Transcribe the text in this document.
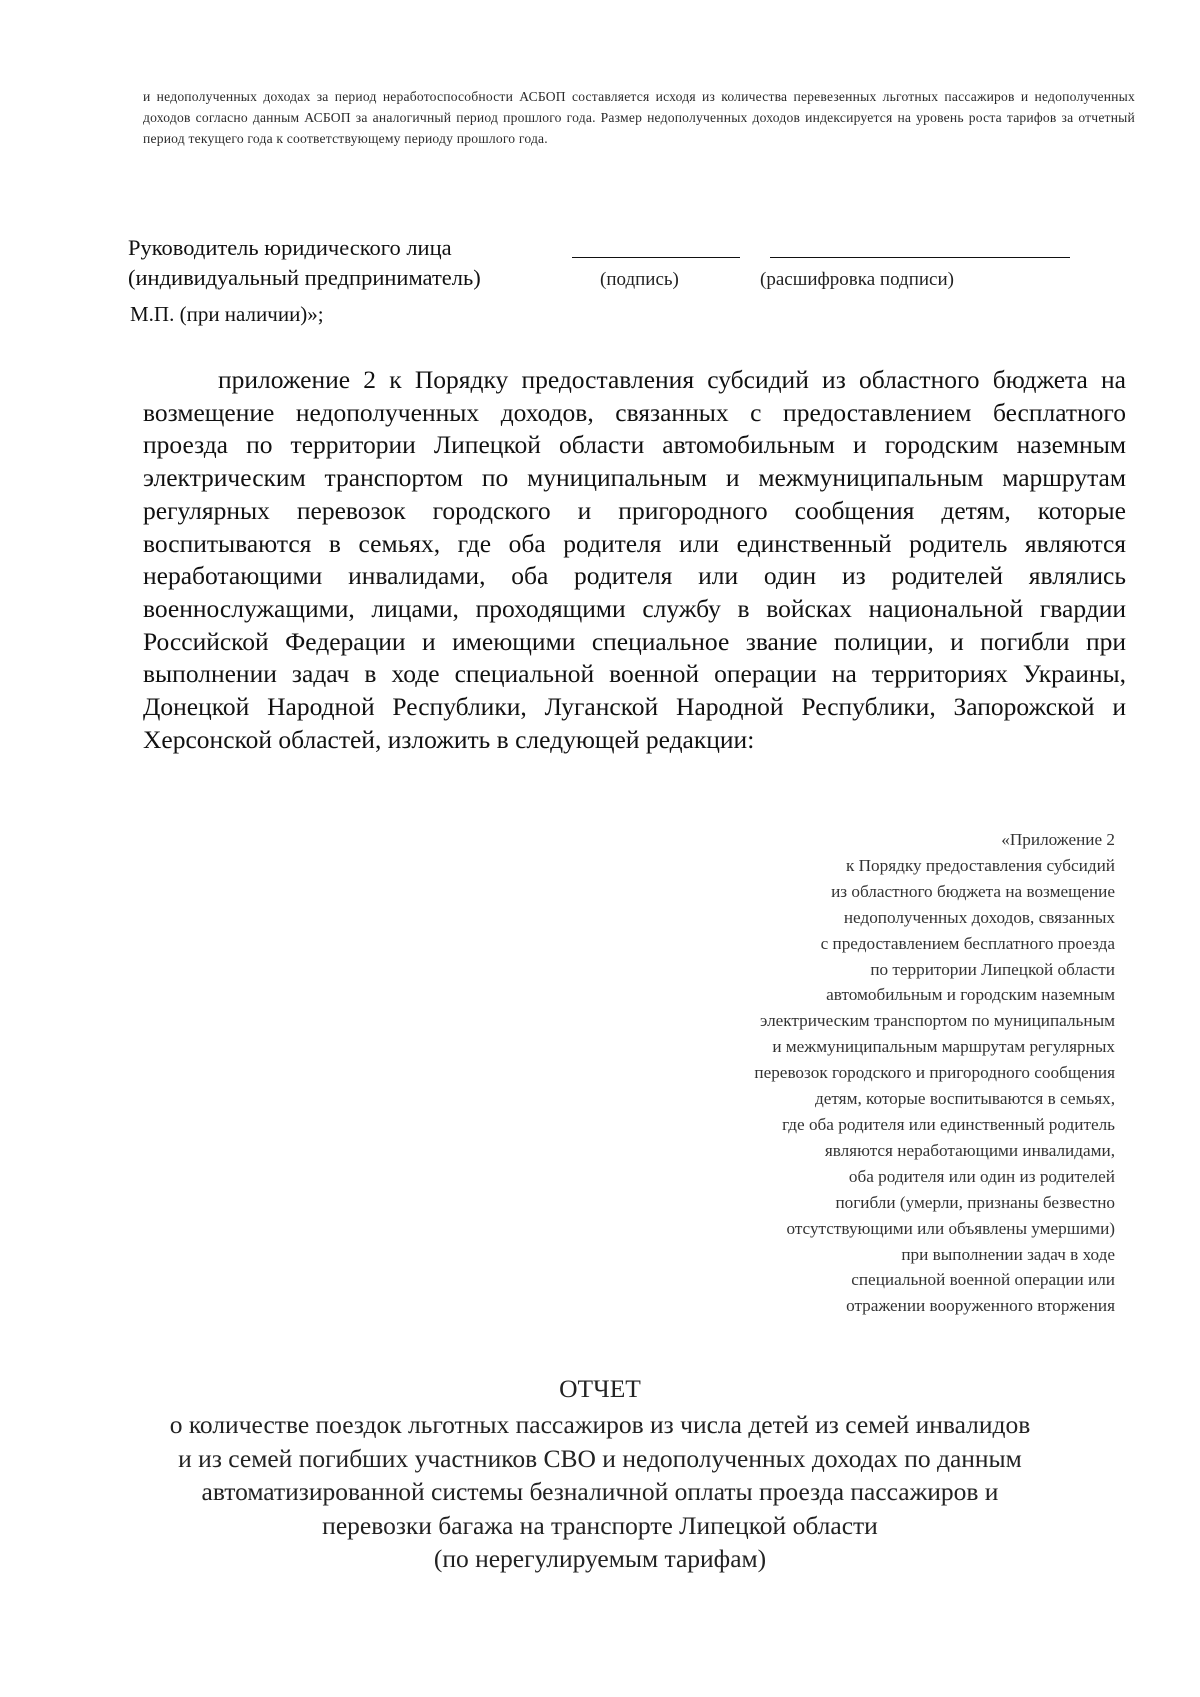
и недополученных доходах за период неработоспособности АСБОП составляется исходя из количества перевезенных льготных пассажиров и недополученных доходов согласно данным АСБОП за аналогичный период прошлого года. Размер недополученных доходов индексируется на уровень роста тарифов за отчетный период текущего года к соответствующему периоду прошлого года.
Руководитель юридического лица
(индивидуальный предприниматель)	(подпись)	(расшифровка подписи)
М.П. (при наличии)»;
приложение 2 к Порядку предоставления субсидий из областного бюджета на возмещение недополученных доходов, связанных с предоставлением бесплатного проезда по территории Липецкой области автомобильным и городским наземным электрическим транспортом по муниципальным и межмуниципальным маршрутам регулярных перевозок городского и пригородного сообщения детям, которые воспитываются в семьях, где оба родителя или единственный родитель являются неработающими инвалидами, оба родителя или один из родителей являлись военнослужащими, лицами, проходящими службу в войсках национальной гвардии Российской Федерации и имеющими специальное звание полиции, и погибли при выполнении задач в ходе специальной военной операции на территориях Украины, Донецкой Народной Республики, Луганской Народной Республики, Запорожской и Херсонской областей, изложить в следующей редакции:
«Приложение 2
к Порядку предоставления субсидий
из областного бюджета на возмещение
недополученных доходов, связанных
с предоставлением бесплатного проезда
по территории Липецкой области
автомобильным и городским наземным
электрическим транспортом по муниципальным
и межмуниципальным маршрутам регулярных
перевозок городского и пригородного сообщения
детям, которые воспитываются в семьях,
где оба родителя или единственный родитель
являются неработающими инвалидами,
оба родителя или один из родителей
погибли (умерли, признаны безвестно
отсутствующими или объявлены умершими)
при выполнении задач в ходе
специальной военной операции или
отражении вооруженного вторжения
ОТЧЕТ
о количестве поездок льготных пассажиров из числа детей из семей инвалидов
и из семей погибших участников СВО и недополученных доходах по данным
автоматизированной системы безналичной оплаты проезда пассажиров и
перевозки багажа на транспорте Липецкой области
(по нерегулируемым тарифам)
